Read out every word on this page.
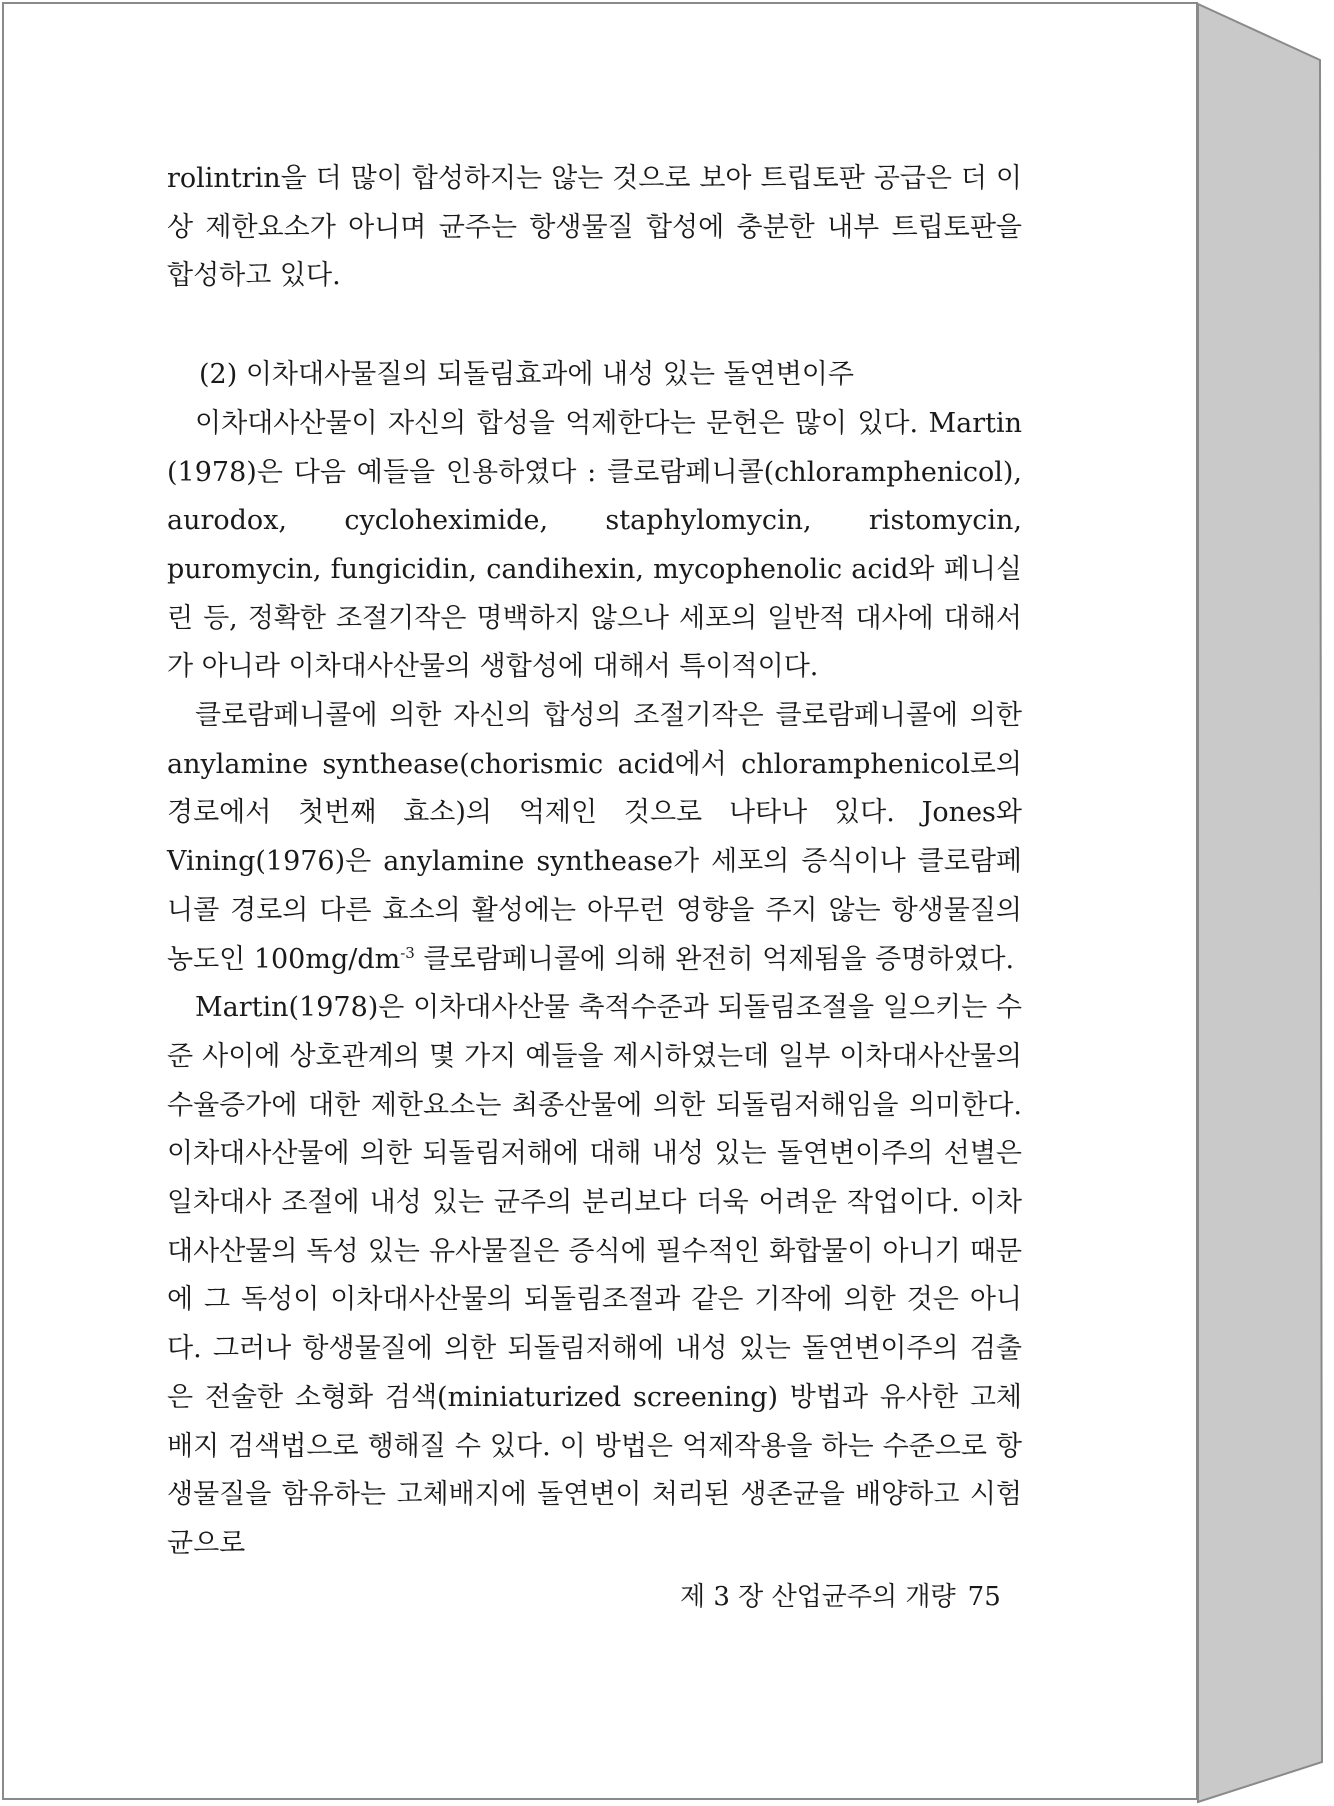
rolintrin을 더 많이 합성하지는 않는 것으로 보아 트립토판 공급은 더 이상 제한요소가 아니며 균주는 항생물질 합성에 충분한 내부 트립토판을 합성하고 있다.

(2) 이차대사물질의 되돌림효과에 내성 있는 돌연변이주

이차대사산물이 자신의 합성을 억제한다는 문헌은 많이 있다. Martin (1978)은 다음 예들을 인용하였다 : 클로람페니콜(chloramphenicol), aurodox, cycloheximide, staphylomycin, ristomycin, puromycin, fungicidin, candihexin, mycophenolic acid와 페니실린 등, 정확한 조절기작은 명백하지 않으나 세포의 일반적 대사에 대해서가 아니라 이차대사산물의 생합성에 대해서 특이적이다.

클로람페니콜에 의한 자신의 합성의 조절기작은 클로람페니콜에 의한 anylamine synthease(chorismic acid에서 chloramphenicol로의 경로에서 첫번째 효소)의 억제인 것으로 나타나 있다. Jones와 Vining(1976)은 anylamine synthease가 세포의 증식이나 클로람페니콜 경로의 다른 효소의 활성에는 아무런 영향을 주지 않는 항생물질의 농도인 $100mg/dm^{-3}$ 클로람페니콜에 의해 완전히 억제됨을 증명하였다.

Martin(1978)은 이차대사산물 축적수준과 되돌림조절을 일으키는 수준 사이에 상호관계의 몇 가지 예들을 제시하였는데 일부 이차대사산물의 수율증가에 대한 제한요소는 최종산물에 의한 되돌림저해임을 의미한다. 이차대사산물에 의한 되돌림저해에 대해 내성 있는 돌연변이주의 선별은 일차대사 조절에 내성 있는 균주의 분리보다 더욱 어려운 작업이다. 이차대사산물의 독성 있는 유사물질은 증식에 필수적인 화합물이 아니기 때문에 그 독성이 이차대사산물의 되돌림조절과 같은 기작에 의한 것은 아니다. 그러나 항생물질에 의한 되돌림저해에 내성 있는 돌연변이주의 검출은 전술한 소형화 검색(miniaturized screening) 방법과 유사한 고체배지 검색법으로 행해질 수 있다. 이 방법은 억제작용을 하는 수준으로 항생물질을 함유하는 고체배지에 돌연변이 처리된 생존균을 배양하고 시험균으로

제 3 장 산업균주의 개량 75
